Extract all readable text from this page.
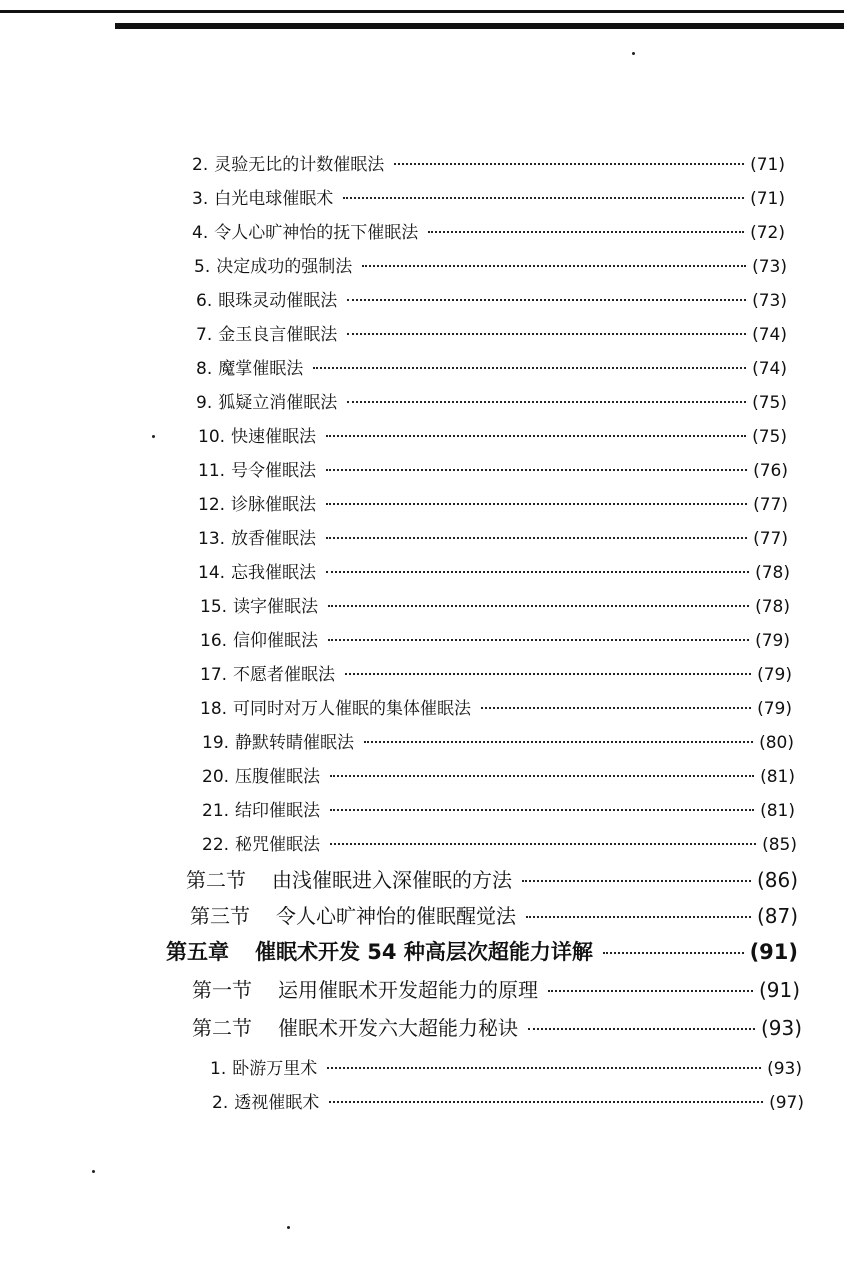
2. 灵验无比的计数催眠法	(71)
3. 白光电球催眠术	(71)
4. 令人心旷神怡的抚下催眠法	(72)
5. 决定成功的强制法	(73)
6. 眼珠灵动催眠法	(73)
7. 金玉良言催眠法	(74)
8. 魔掌催眠法	(74)
9. 狐疑立消催眠法	(75)
10. 快速催眠法	(75)
11. 号令催眠法	(76)
12. 诊脉催眠法	(77)
13. 放香催眠法	(77)
14. 忘我催眠法	(78)
15. 读字催眠法	(78)
16. 信仰催眠法	(79)
17. 不愿者催眠法	(79)
18. 可同时对万人催眠的集体催眠法	(79)
19. 静默转睛催眠法	(80)
20. 压腹催眠法	(81)
21. 结印催眠法	(81)
22. 秘咒催眠法	(85)
第二节 由浅催眠进入深催眠的方法	(86)
第三节 令人心旷神怡的催眠醒觉法	(87)
第五章 催眠术开发 54 种高层次超能力详解	(91)
第一节 运用催眠术开发超能力的原理	(91)
第二节 催眠术开发六大超能力秘诀	(93)
1. 卧游万里术	(93)
2. 透视催眠术	(97)
